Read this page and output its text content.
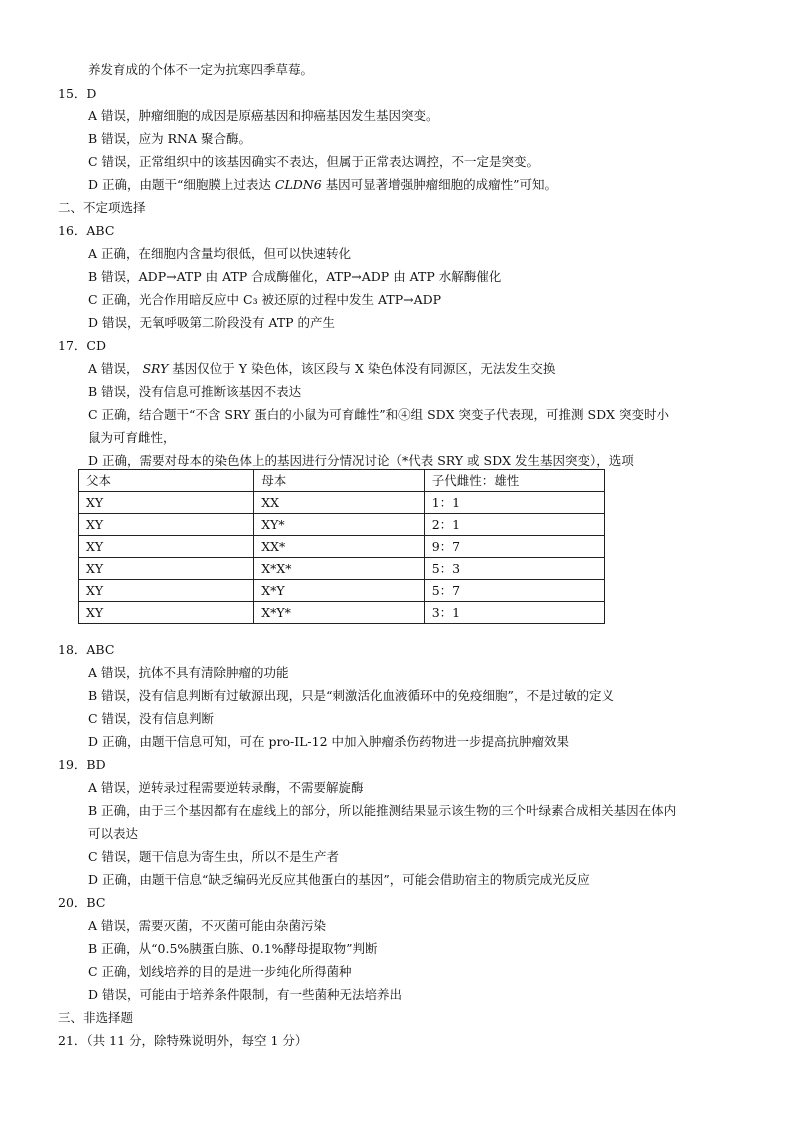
养发育成的个体不一定为抗寒四季草莓。
15．D
A 错误，肿瘤细胞的成因是原癌基因和抑癌基因发生基因突变。
B 错误，应为 RNA 聚合酶。
C 错误，正常组织中的该基因确实不表达，但属于正常表达调控，不一定是突变。
D 正确，由题干“细胞膜上过表达 CLDN6 基因可显著增强肿瘤细胞的成瘤性”可知。
二、不定项选择
16．ABC
A 正确，在细胞内含量均很低，但可以快速转化
B 错误，ADP→ATP 由 ATP 合成酶催化，ATP→ADP 由 ATP 水解酶催化
C 正确，光合作用暗反应中 C₃ 被还原的过程中发生 ATP→ADP
D 错误，无氧呼吸第二阶段没有 ATP 的产生
17．CD
A 错误， SRY 基因仅位于 Y 染色体，该区段与 X 染色体没有同源区，无法发生交换
B 错误，没有信息可推断该基因不表达
C 正确，结合题干“不含 SRY 蛋白的小鼠为可育雌性”和④组 SDX 突变子代表现，可推测 SDX 突变时小
鼠为可育雌性，
D 正确，需要对母本的染色体上的基因进行分情况讨论（*代表 SRY 或 SDX 发生基因突变），选项
18．ABC
A 错误，抗体不具有清除肿瘤的功能
B 错误，没有信息判断有过敏源出现，只是“刺激活化血液循环中的免疫细胞”，不是过敏的定义
C 错误，没有信息判断
D 正确，由题干信息可知，可在 pro-IL-12 中加入肿瘤杀伤药物进一步提高抗肿瘤效果
19．BD
A 错误，逆转录过程需要逆转录酶，不需要解旋酶
B 正确，由于三个基因都有在虚线上的部分，所以能推测结果显示该生物的三个叶绿素合成相关基因在体内
可以表达
C 错误，题干信息为寄生虫，所以不是生产者
D 正确，由题干信息“缺乏编码光反应其他蛋白的基因”，可能会借助宿主的物质完成光反应
20．BC
A 错误，需要灭菌，不灭菌可能由杂菌污染
B 正确，从“0.5%胰蛋白胨、0.1%酵母提取物”判断
C 正确，划线培养的目的是进一步纯化所得菌种
D 错误，可能由于培养条件限制，有一些菌种无法培养出
三、非选择题
21．（共 11 分，除特殊说明外，每空 1 分）
父本	母本	子代雌性：雄性
XY	XX	1：1
XY	XY*	2：1
XY	XX*	9：7
XY	X*X*	5：3
XY	X*Y	5：7
XY	X*Y*	3：1
